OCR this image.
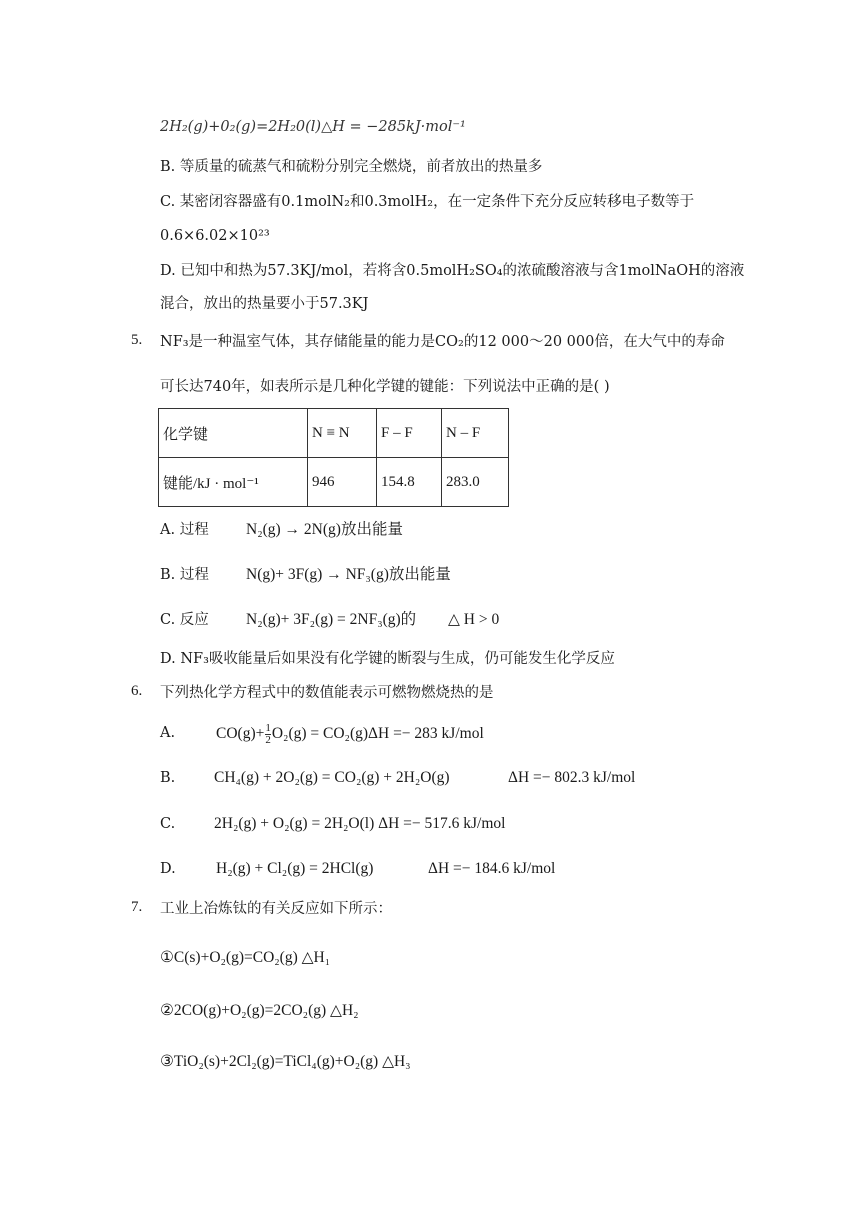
2H₂(g)+0₂(g)=2H₂0(l)△H = −285kJ·mol⁻¹
B. 等质量的硫蒸气和硫粉分别完全燃烧，前者放出的热量多
C. 某密闭容器盛有0.1molN₂和0.3molH₂，在一定条件下充分反应转移电子数等于
0.6×6.02×10²³
D. 已知中和热为57.3KJ/mol，若将含0.5molH₂SO₄的浓硫酸溶液与含1molNaOH的溶液
混合，放出的热量要小于57.3KJ
5. NF₃是一种温室气体，其存储能量的能力是CO₂的12 000～20 000倍，在大气中的寿命
可长达740年，如表所示是几种化学键的键能：下列说法中正确的是( )
化学键	N ≡ N	F – F	N – F
键能/kJ · mol⁻¹	946	154.8	283.0
A. 过程 N₂(g) → 2N(g)放出能量
B. 过程 N(g)+ 3F(g) → NF₃(g)放出能量
C. 反应 N₂(g)+ 3F₂(g) = 2NF₃(g)的 △ H > 0
D. NF₃吸收能量后如果没有化学键的断裂与生成，仍可能发生化学反应
6. 下列热化学方程式中的数值能表示可燃物燃烧热的是
A.	$CO(g)+ \frac{1}{2} O_2(g) = CO_2(g)\Delta H =- 283$ kJ/mol
B. CH₄(g) + 2O₂(g) = CO₂(g) + 2H₂O(g)	ΔH =− 802.3 kJ/mol
C.	2H₂(g) + O₂(g) = 2H₂O(l) ΔH =− 517.6 kJ/mol
D.	H₂(g) + Cl₂(g) = 2HCl(g)	ΔH =− 184.6 kJ/mol
7. 工业上冶炼钛的有关反应如下所示：
①C(s)+O₂(g)=CO₂(g) △H₁
②2CO(g)+O₂(g)=2CO₂(g) △H₂
③TiO₂(s)+2Cl₂(g)=TiCl₄(g)+O₂(g) △H₃
